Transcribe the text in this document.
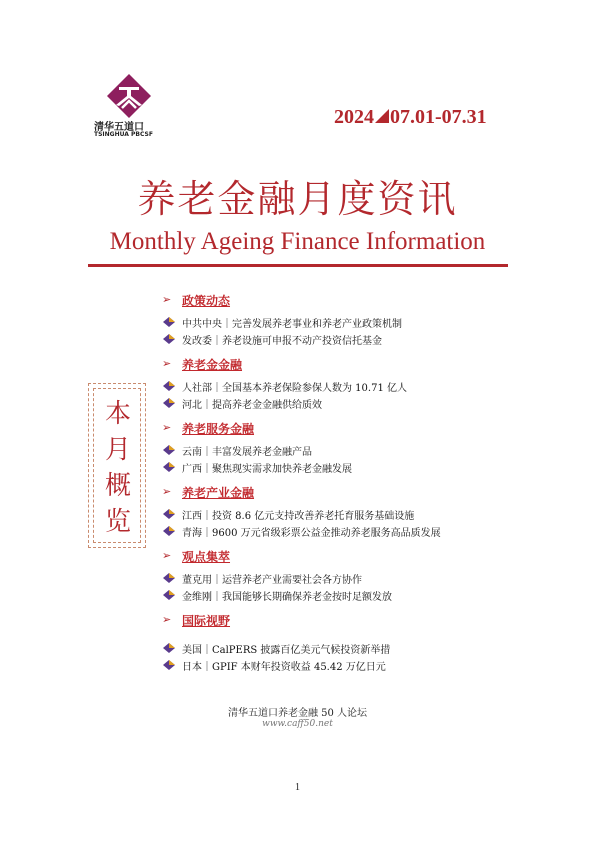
清华五道口
TSINGHUA PBCSF
2024 07.01-07.31
养老金融月度资讯
Monthly Ageing Finance Information
本
月
概
览
➢ 政策动态
中共中央｜完善发展养老事业和养老产业政策机制
发改委｜养老设施可申报不动产投资信托基金
➢ 养老金金融
人社部｜全国基本养老保险参保人数为 10.71 亿人
河北｜提高养老金金融供给质效
➢ 养老服务金融
云南｜丰富发展养老金融产品
广西｜聚焦现实需求加快养老金融发展
➢ 养老产业金融
江西｜投资 8.6 亿元支持改善养老托育服务基础设施
青海｜9600 万元省级彩票公益金推动养老服务高品质发展
➢ 观点集萃
董克用｜运营养老产业需要社会各方协作
金维刚｜我国能够长期确保养老金按时足额发放
➢ 国际视野
美国｜CalPERS 披露百亿美元气候投资新举措
日本｜GPIF 本财年投资收益 45.42 万亿日元
清华五道口养老金融 50 人论坛
www.caff50.net
1
